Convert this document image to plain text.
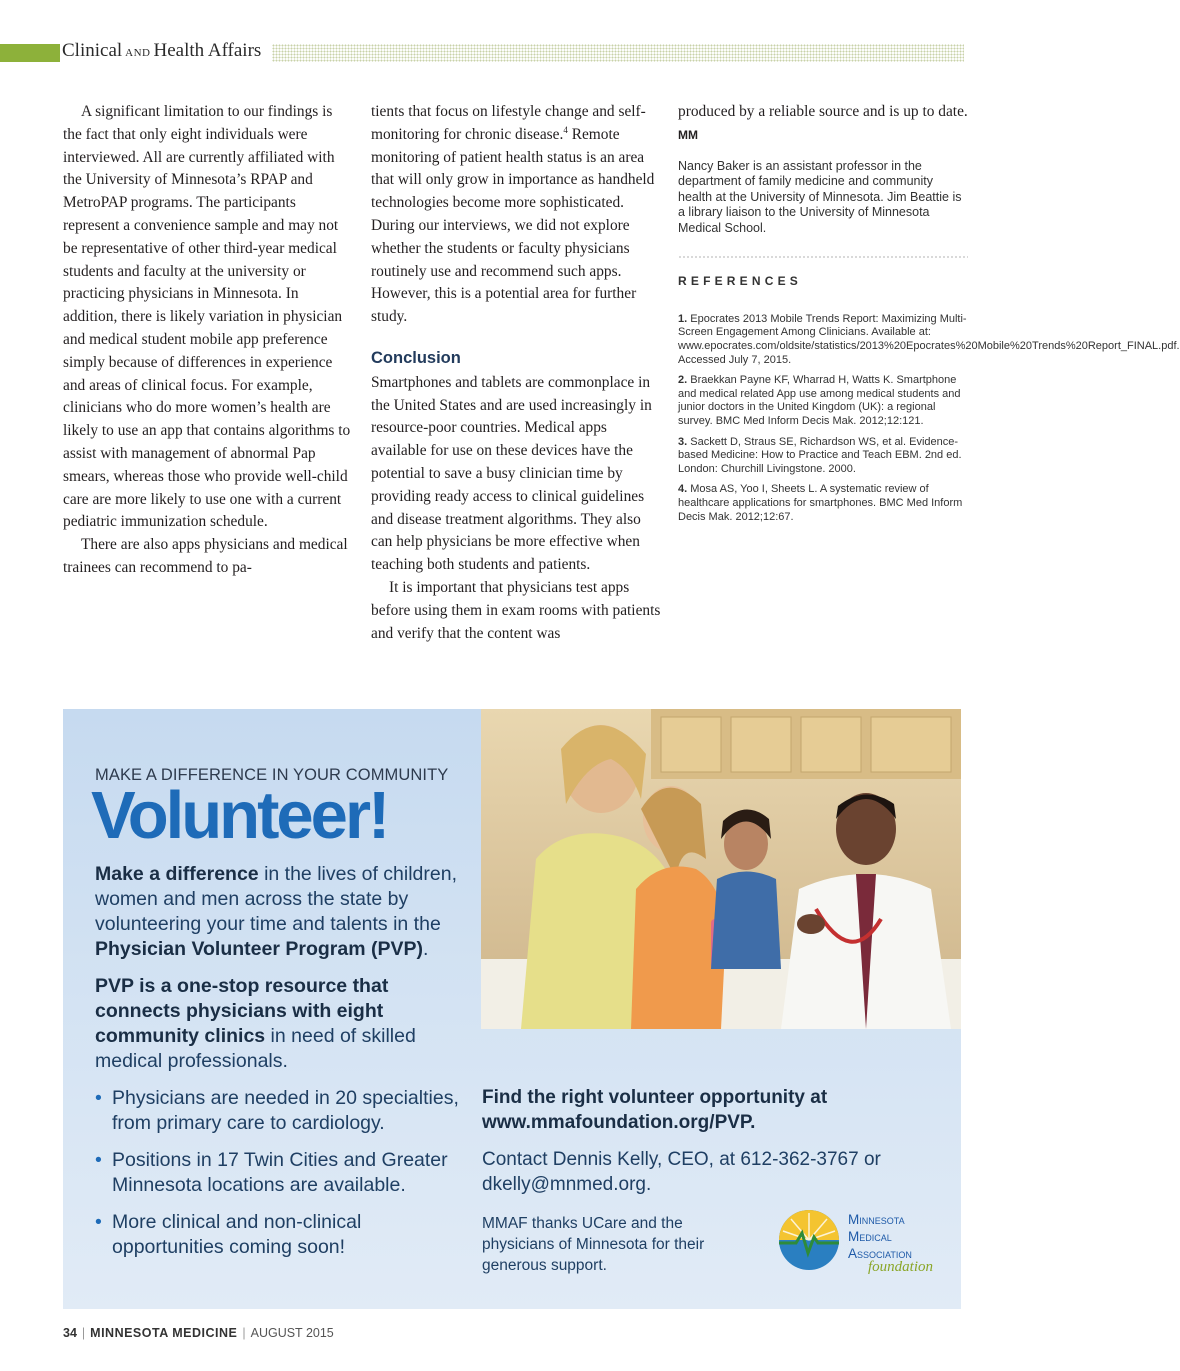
Clinical AND Health Affairs

A significant limitation to our findings is the fact that only eight individuals were interviewed. All are currently affiliated with the University of Minnesota’s RPAP and MetroPAP programs. The participants represent a convenience sample and may not be representative of other third-year medical students and faculty at the university or practicing physicians in Minnesota. In addition, there is likely variation in physician and medical student mobile app preference simply because of differences in experience and areas of clinical focus. For example, clinicians who do more women’s health are likely to use an app that contains algorithms to assist with management of abnormal Pap smears, whereas those who provide well-child care are more likely to use one with a current pediatric immunization schedule.

There are also apps physicians and medical trainees can recommend to pa-

tients that focus on lifestyle change and self-monitoring for chronic disease.$^4$ Remote monitoring of patient health status is an area that will only grow in importance as handheld technologies become more sophisticated. During our interviews, we did not explore whether the students or faculty physicians routinely use and recommend such apps. However, this is a potential area for further study.

Conclusion

Smartphones and tablets are commonplace in the United States and are used increasingly in resource-poor countries. Medical apps available for use on these devices have the potential to save a busy clinician time by providing ready access to clinical guidelines and disease treatment algorithms. They also can help physicians be more effective when teaching both students and patients.

It is important that physicians test apps before using them in exam rooms with patients and verify that the content was

produced by a reliable source and is up to date. MM

Nancy Baker is an assistant professor in the department of family medicine and community health at the University of Minnesota. Jim Beattie is a library liaison to the University of Minnesota Medical School.
REFERENCES
1. Epocrates 2013 Mobile Trends Report: Maximizing Multi-Screen Engagement Among Clinicians. Available at: www.epocrates.com/oldsite/statistics/2013%20Epocrates%20Mobile%20Trends%20Report_FINAL.pdf. Accessed July 7, 2015.
2. Braekkan Payne KF, Wharrad H, Watts K. Smartphone and medical related App use among medical students and junior doctors in the United Kingdom (UK): a regional survey. BMC Med Inform Decis Mak. 2012;12:121.
3. Sackett D, Straus SE, Richardson WS, et al. Evidence-based Medicine: How to Practice and Teach EBM. 2nd ed. London: Churchill Livingstone. 2000.
4. Mosa AS, Yoo I, Sheets L. A systematic review of healthcare applications for smartphones. BMC Med Inform Decis Mak. 2012;12:67.
MAKE A DIFFERENCE IN YOUR COMMUNITY
Volunteer!

Make a difference in the lives of children, women and men across the state by volunteering your time and talents in the Physician Volunteer Program (PVP).

PVP is a one-stop resource that connects physicians with eight community clinics in need of skilled medical professionals.

• Physicians are needed in 20 specialties, from primary care to cardiology.
• Positions in 17 Twin Cities and Greater Minnesota locations are available.
• More clinical and non-clinical opportunities coming soon!
Find the right volunteer opportunity at www.mmafoundation.org/PVP.
Contact Dennis Kelly, CEO, at 612-362-3767 or dkelly@mnmed.org.
MMAF thanks UCare and the physicians of Minnesota for their generous support.
Minnesota
Medical
Association
foundation
34 | MINNESOTA MEDICINE | AUGUST 2015
